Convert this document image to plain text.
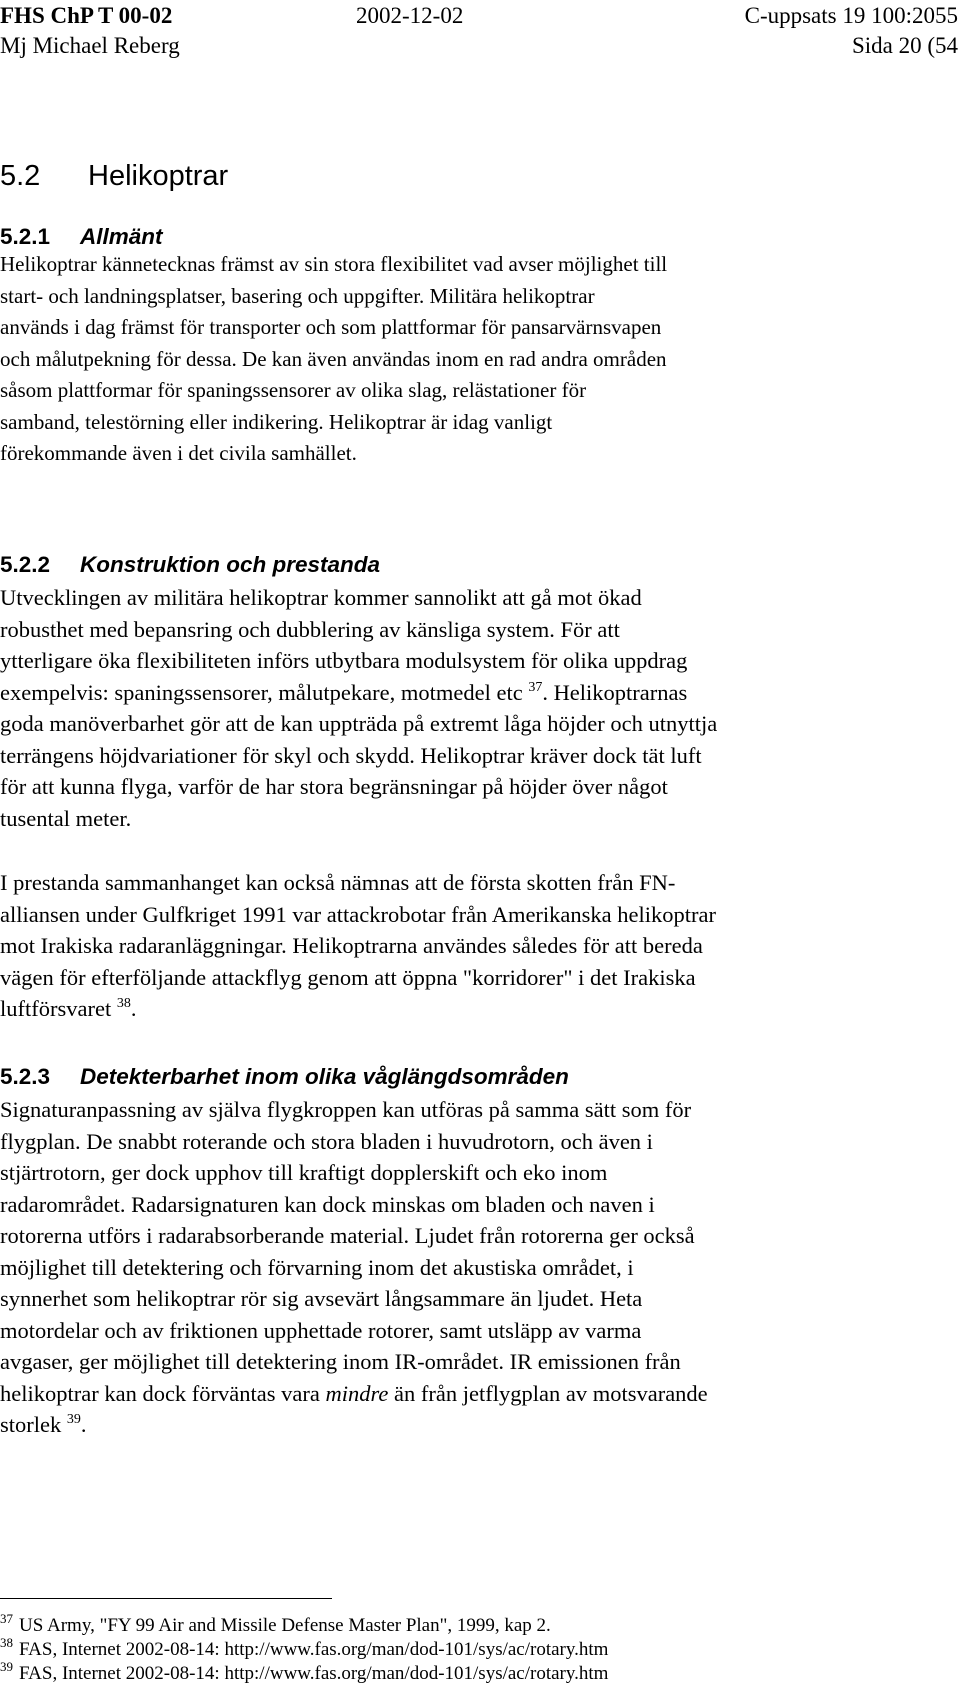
FHS ChP T 00-02	2002-12-02	C-uppsats 19 100:2055
Mj Michael Reberg	Sida 20 (54
5.2 Helikoptrar
5.2.1 Allmänt
Helikoptrar kännetecknas främst av sin stora flexibilitet vad avser möjlighet till
start- och landningsplatser, basering och uppgifter. Militära helikoptrar
används i dag främst för transporter och som plattformar för pansarvärnsvapen
och målutpekning för dessa. De kan även användas inom en rad andra områden
såsom plattformar för spaningssensorer av olika slag, relästationer för
samband, telestörning eller indikering. Helikoptrar är idag vanligt
förekommande även i det civila samhället.
5.2.2 Konstruktion och prestanda
Utvecklingen av militära helikoptrar kommer sannolikt att gå mot ökad
robusthet med bepansring och dubblering av känsliga system. För att
ytterligare öka flexibiliteten införs utbytbara modulsystem för olika uppdrag
exempelvis: spaningssensorer, målutpekare, motmedel etc $^{37}$. Helikoptrarnas
goda manöverbarhet gör att de kan uppträda på extremt låga höjder och utnyttja
terrängens höjdvariationer för skyl och skydd. Helikoptrar kräver dock tät luft
för att kunna flyga, varför de har stora begränsningar på höjder över något
tusental meter.
I prestanda sammanhanget kan också nämnas att de första skotten från FN-
alliansen under Gulfkriget 1991 var attackrobotar från Amerikanska helikoptrar
mot Irakiska radaranläggningar. Helikoptrarna användes således för att bereda
vägen för efterföljande attackflyg genom att öppna "korridorer" i det Irakiska
luftförsvaret $^{38}$.
5.2.3 Detekterbarhet inom olika våglängdsområden
Signaturanpassning av själva flygkroppen kan utföras på samma sätt som för
flygplan. De snabbt roterande och stora bladen i huvudrotorn, och även i
stjärtrotorn, ger dock upphov till kraftigt dopplerskift och eko inom
radarområdet. Radarsignaturen kan dock minskas om bladen och naven i
rotorerna utförs i radarabsorberande material. Ljudet från rotorerna ger också
möjlighet till detektering och förvarning inom det akustiska området, i
synnerhet som helikoptrar rör sig avsevärt långsammare än ljudet. Heta
motordelar och av friktionen upphettade rotorer, samt utsläpp av varma
avgaser, ger möjlighet till detektering inom IR-området. IR emissionen från
helikoptrar kan dock förväntas vara mindre än från jetflygplan av motsvarande
storlek $^{39}$.
$^{37}$ US Army, "FY 99 Air and Missile Defense Master Plan", 1999, kap 2.
$^{38}$ FAS, Internet 2002-08-14: http://www.fas.org/man/dod-101/sys/ac/rotary.htm
$^{39}$ FAS, Internet 2002-08-14: http://www.fas.org/man/dod-101/sys/ac/rotary.htm
